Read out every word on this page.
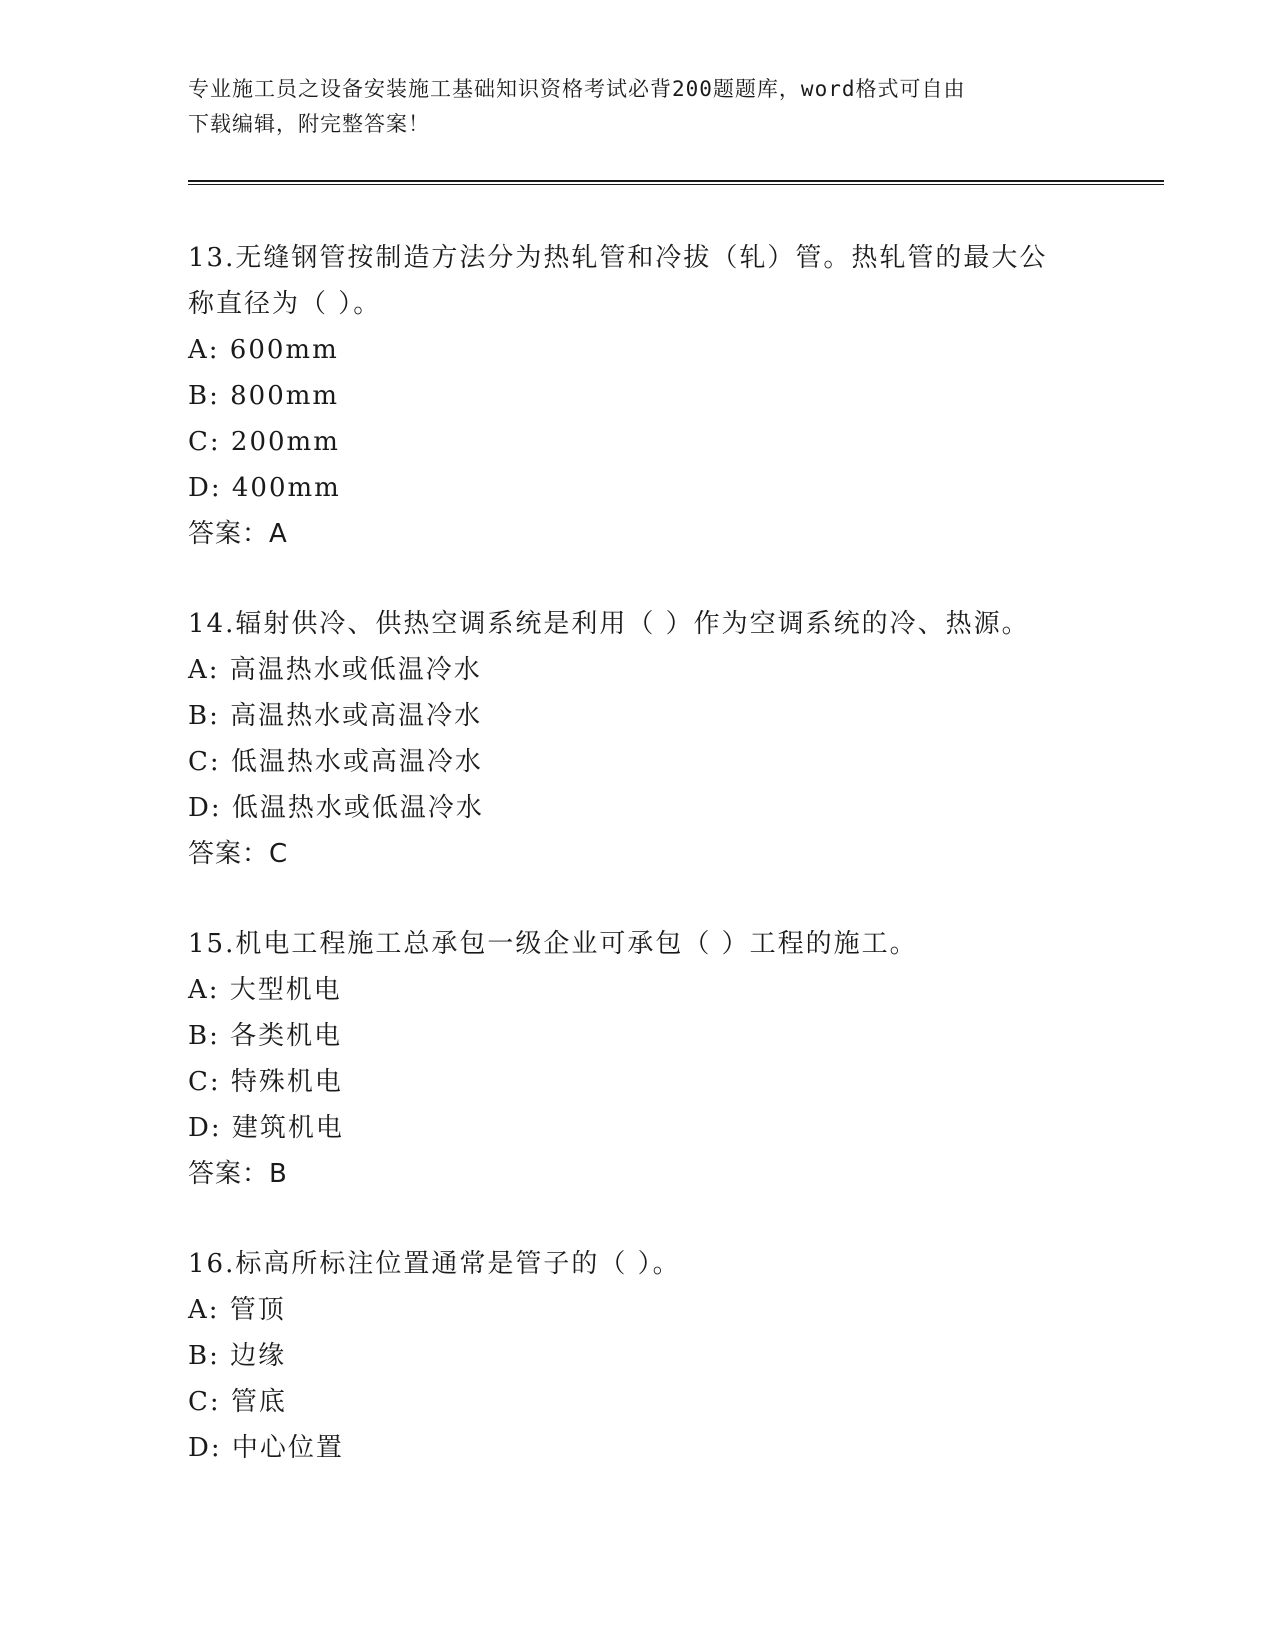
专业施工员之设备安装施工基础知识资格考试必背200题题库，word格式可自由
下载编辑，附完整答案！

13.无缝钢管按制造方法分为热轧管和冷拔（轧）管。热轧管的最大公

称直径为（ ）。

A: 600mm

B: 800mm

C: 200mm

D: 400mm

答案：A

14.辐射供冷、供热空调系统是利用（ ）作为空调系统的冷、热源。

A: 高温热水或低温冷水

B: 高温热水或高温冷水

C: 低温热水或高温冷水

D: 低温热水或低温冷水

答案：C

15.机电工程施工总承包一级企业可承包（ ）工程的施工。

A: 大型机电

B: 各类机电

C: 特殊机电

D: 建筑机电

答案：B

16.标高所标注位置通常是管子的（ ）。

A: 管顶

B: 边缘

C: 管底

D: 中心位置
